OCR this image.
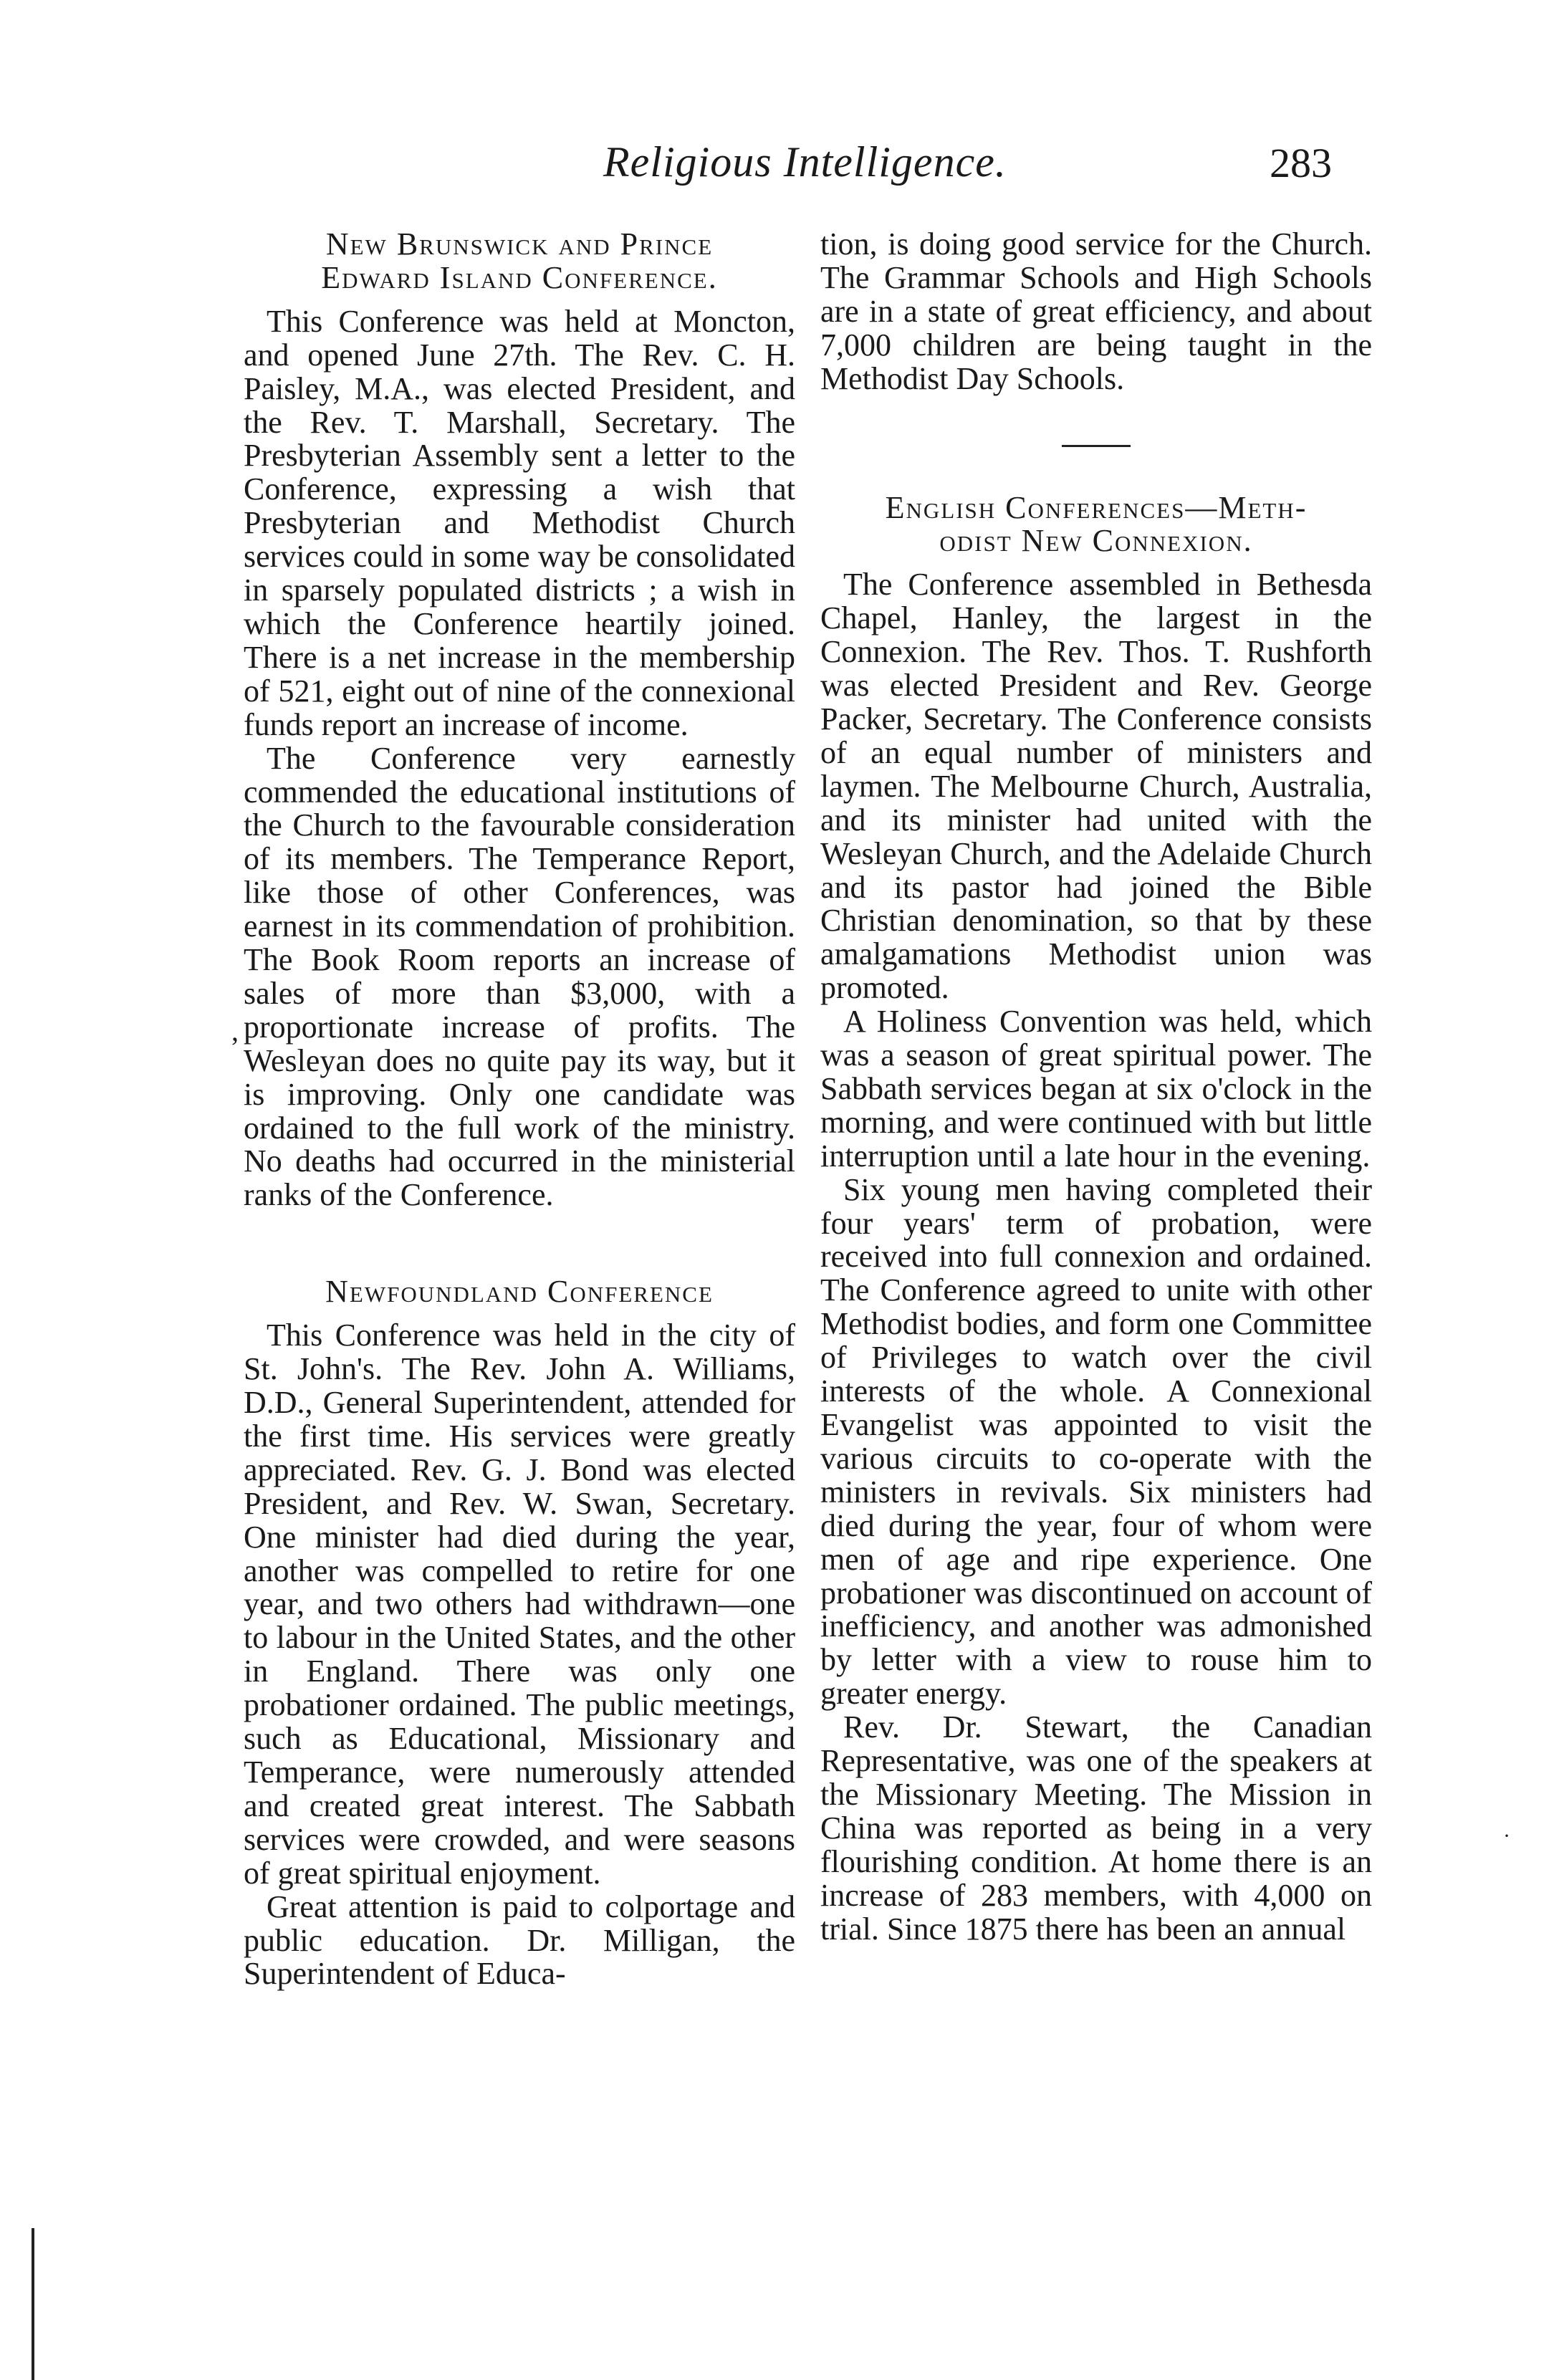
Religious Intelligence.	283
’
·
New Brunswick and Prince
Edward Island Conference.

This Conference was held at Moncton, and opened June 27th. The Rev. C. H. Paisley, M.A., was elected President, and the Rev. T. Marshall, Secretary. The Presbyterian Assembly sent a letter to the Conference, expressing a wish that Presbyterian and Methodist Church services could in some way be consolidated in sparsely populated districts ; a wish in which the Conference heartily joined. There is a net increase in the membership of 521, eight out of nine of the connexional funds report an increase of income.

The Conference very earnestly commended the educational institutions of the Church to the favourable consideration of its members. The Temperance Report, like those of other Conferences, was earnest in its commendation of prohibition. The Book Room reports an increase of sales of more than $3,000, with a proportionate increase of profits. The Wesleyan does no quite pay its way, but it is improving. Only one candidate was ordained to the full work of the ministry. No deaths had occurred in the ministerial ranks of the Conference.

Newfoundland Conference

This Conference was held in the city of St. John's. The Rev. John A. Williams, D.D., General Superintendent, attended for the first time. His services were greatly appreciated. Rev. G. J. Bond was elected President, and Rev. W. Swan, Secretary. One minister had died during the year, another was compelled to retire for one year, and two others had withdrawn—one to labour in the United States, and the other in England. There was only one probationer ordained. The public meetings, such as Educational, Missionary and Temperance, were numerously attended and created great interest. The Sabbath services were crowded, and were seasons of great spiritual enjoyment.

Great attention is paid to colportage and public education. Dr. Milligan, the Superintendent of Educa-

tion, is doing good service for the Church. The Grammar Schools and High Schools are in a state of great efficiency, and about 7,000 children are being taught in the Methodist Day Schools.

English Conferences—Meth-
odist New Connexion.

The Conference assembled in Bethesda Chapel, Hanley, the largest in the Connexion. The Rev. Thos. T. Rushforth was elected President and Rev. George Packer, Secretary. The Conference consists of an equal number of ministers and laymen. The Melbourne Church, Australia, and its minister had united with the Wesleyan Church, and the Adelaide Church and its pastor had joined the Bible Christian denomination, so that by these amalgamations Methodist union was promoted.

A Holiness Convention was held, which was a season of great spiritual power. The Sabbath services began at six o'clock in the morning, and were continued with but little interruption until a late hour in the evening.

Six young men having completed their four years' term of probation, were received into full connexion and ordained. The Conference agreed to unite with other Methodist bodies, and form one Committee of Privileges to watch over the civil interests of the whole. A Connexional Evangelist was appointed to visit the various circuits to co-operate with the ministers in revivals. Six ministers had died during the year, four of whom were men of age and ripe experience. One probationer was discontinued on account of inefficiency, and another was admonished by letter with a view to rouse him to greater energy.

Rev. Dr. Stewart, the Canadian Representative, was one of the speakers at the Missionary Meeting. The Mission in China was reported as being in a very flourishing condition. At home there is an increase of 283 members, with 4,000 on trial. Since 1875 there has been an annual
